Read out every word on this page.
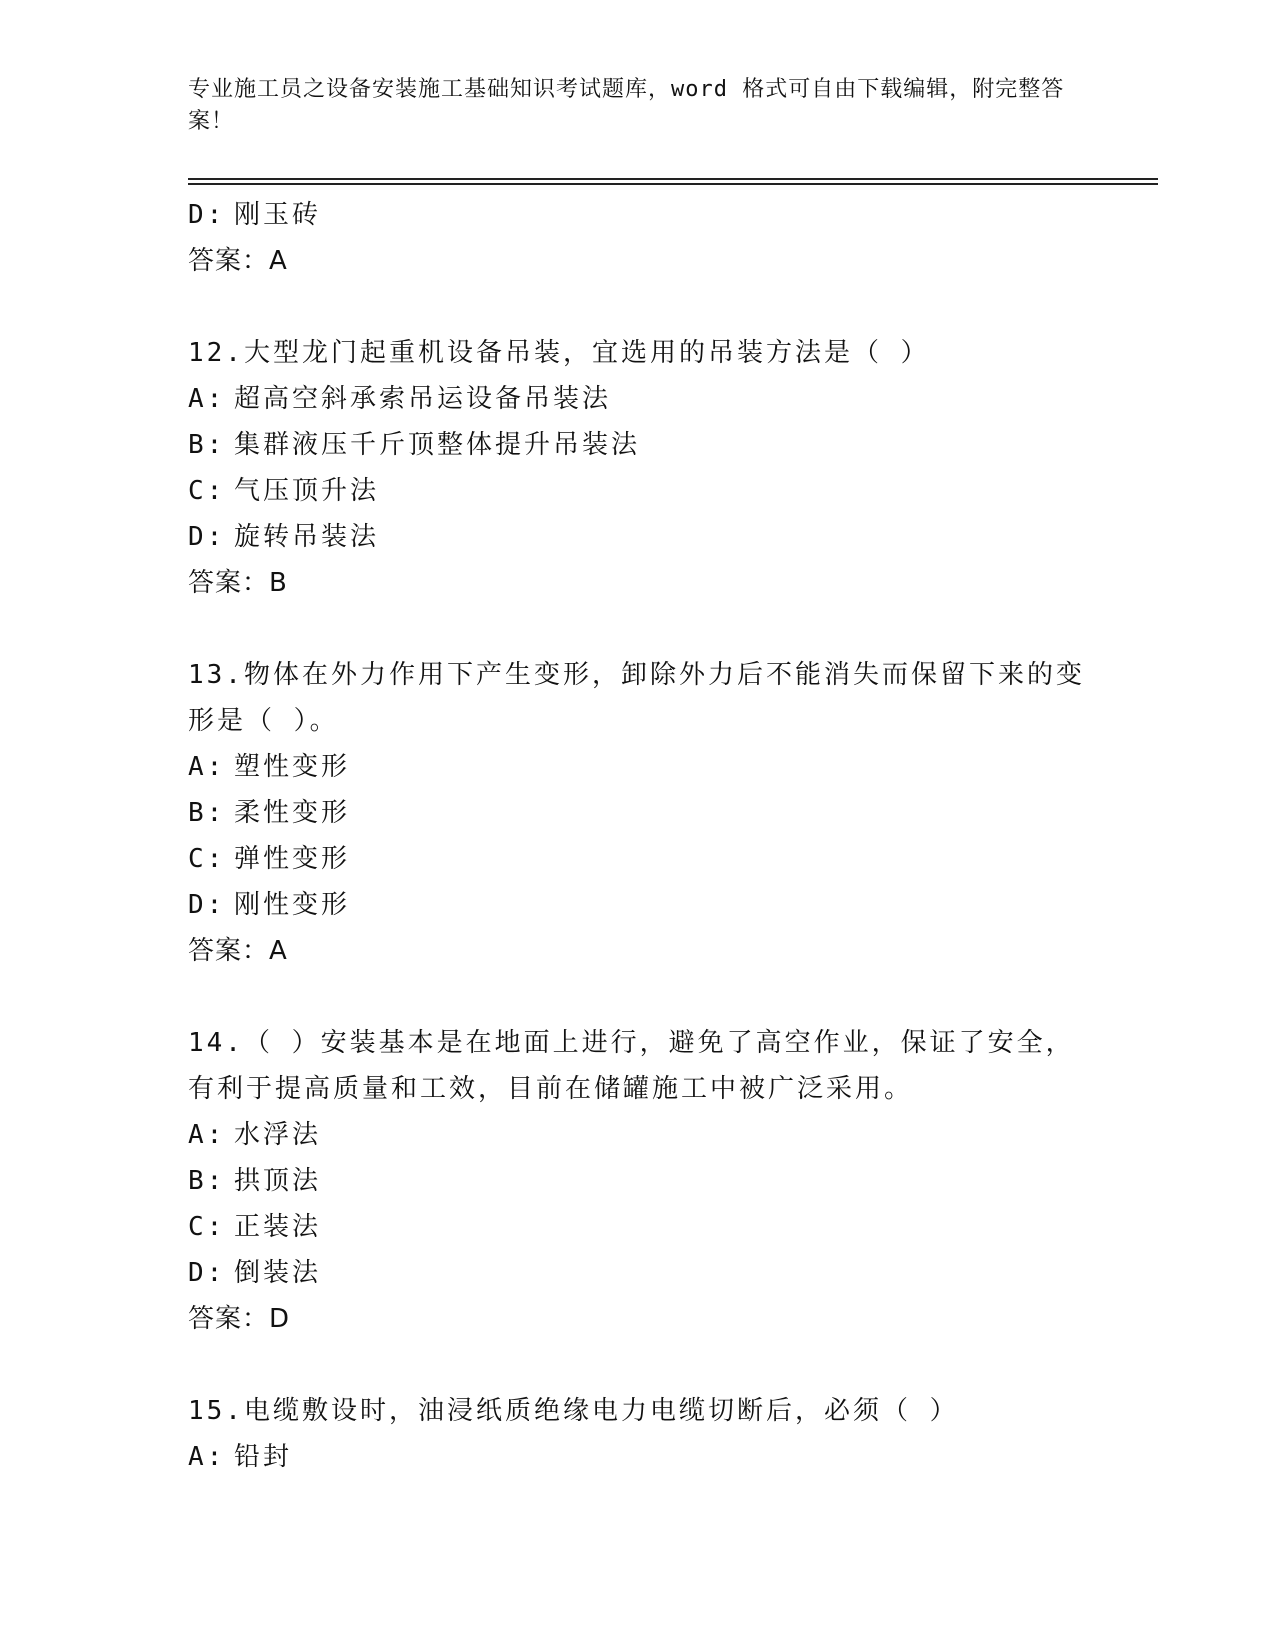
专业施工员之设备安装施工基础知识考试题库，word 格式可自由下载编辑，附完整答案！
D: 刚玉砖
答案：A
12.大型龙门起重机设备吊装，宜选用的吊装方法是（ ）
A: 超高空斜承索吊运设备吊装法
B: 集群液压千斤顶整体提升吊装法
C: 气压顶升法
D: 旋转吊装法
答案：B
13.物体在外力作用下产生变形，卸除外力后不能消失而保留下来的变
形是（ ）。
A: 塑性变形
B: 柔性变形
C: 弹性变形
D: 刚性变形
答案：A
14.（ ）安装基本是在地面上进行，避免了高空作业，保证了安全，
有利于提高质量和工效，目前在储罐施工中被广泛采用。
A: 水浮法
B: 拱顶法
C: 正装法
D: 倒装法
答案：D
15.电缆敷设时，油浸纸质绝缘电力电缆切断后，必须（ ）
A: 铅封
